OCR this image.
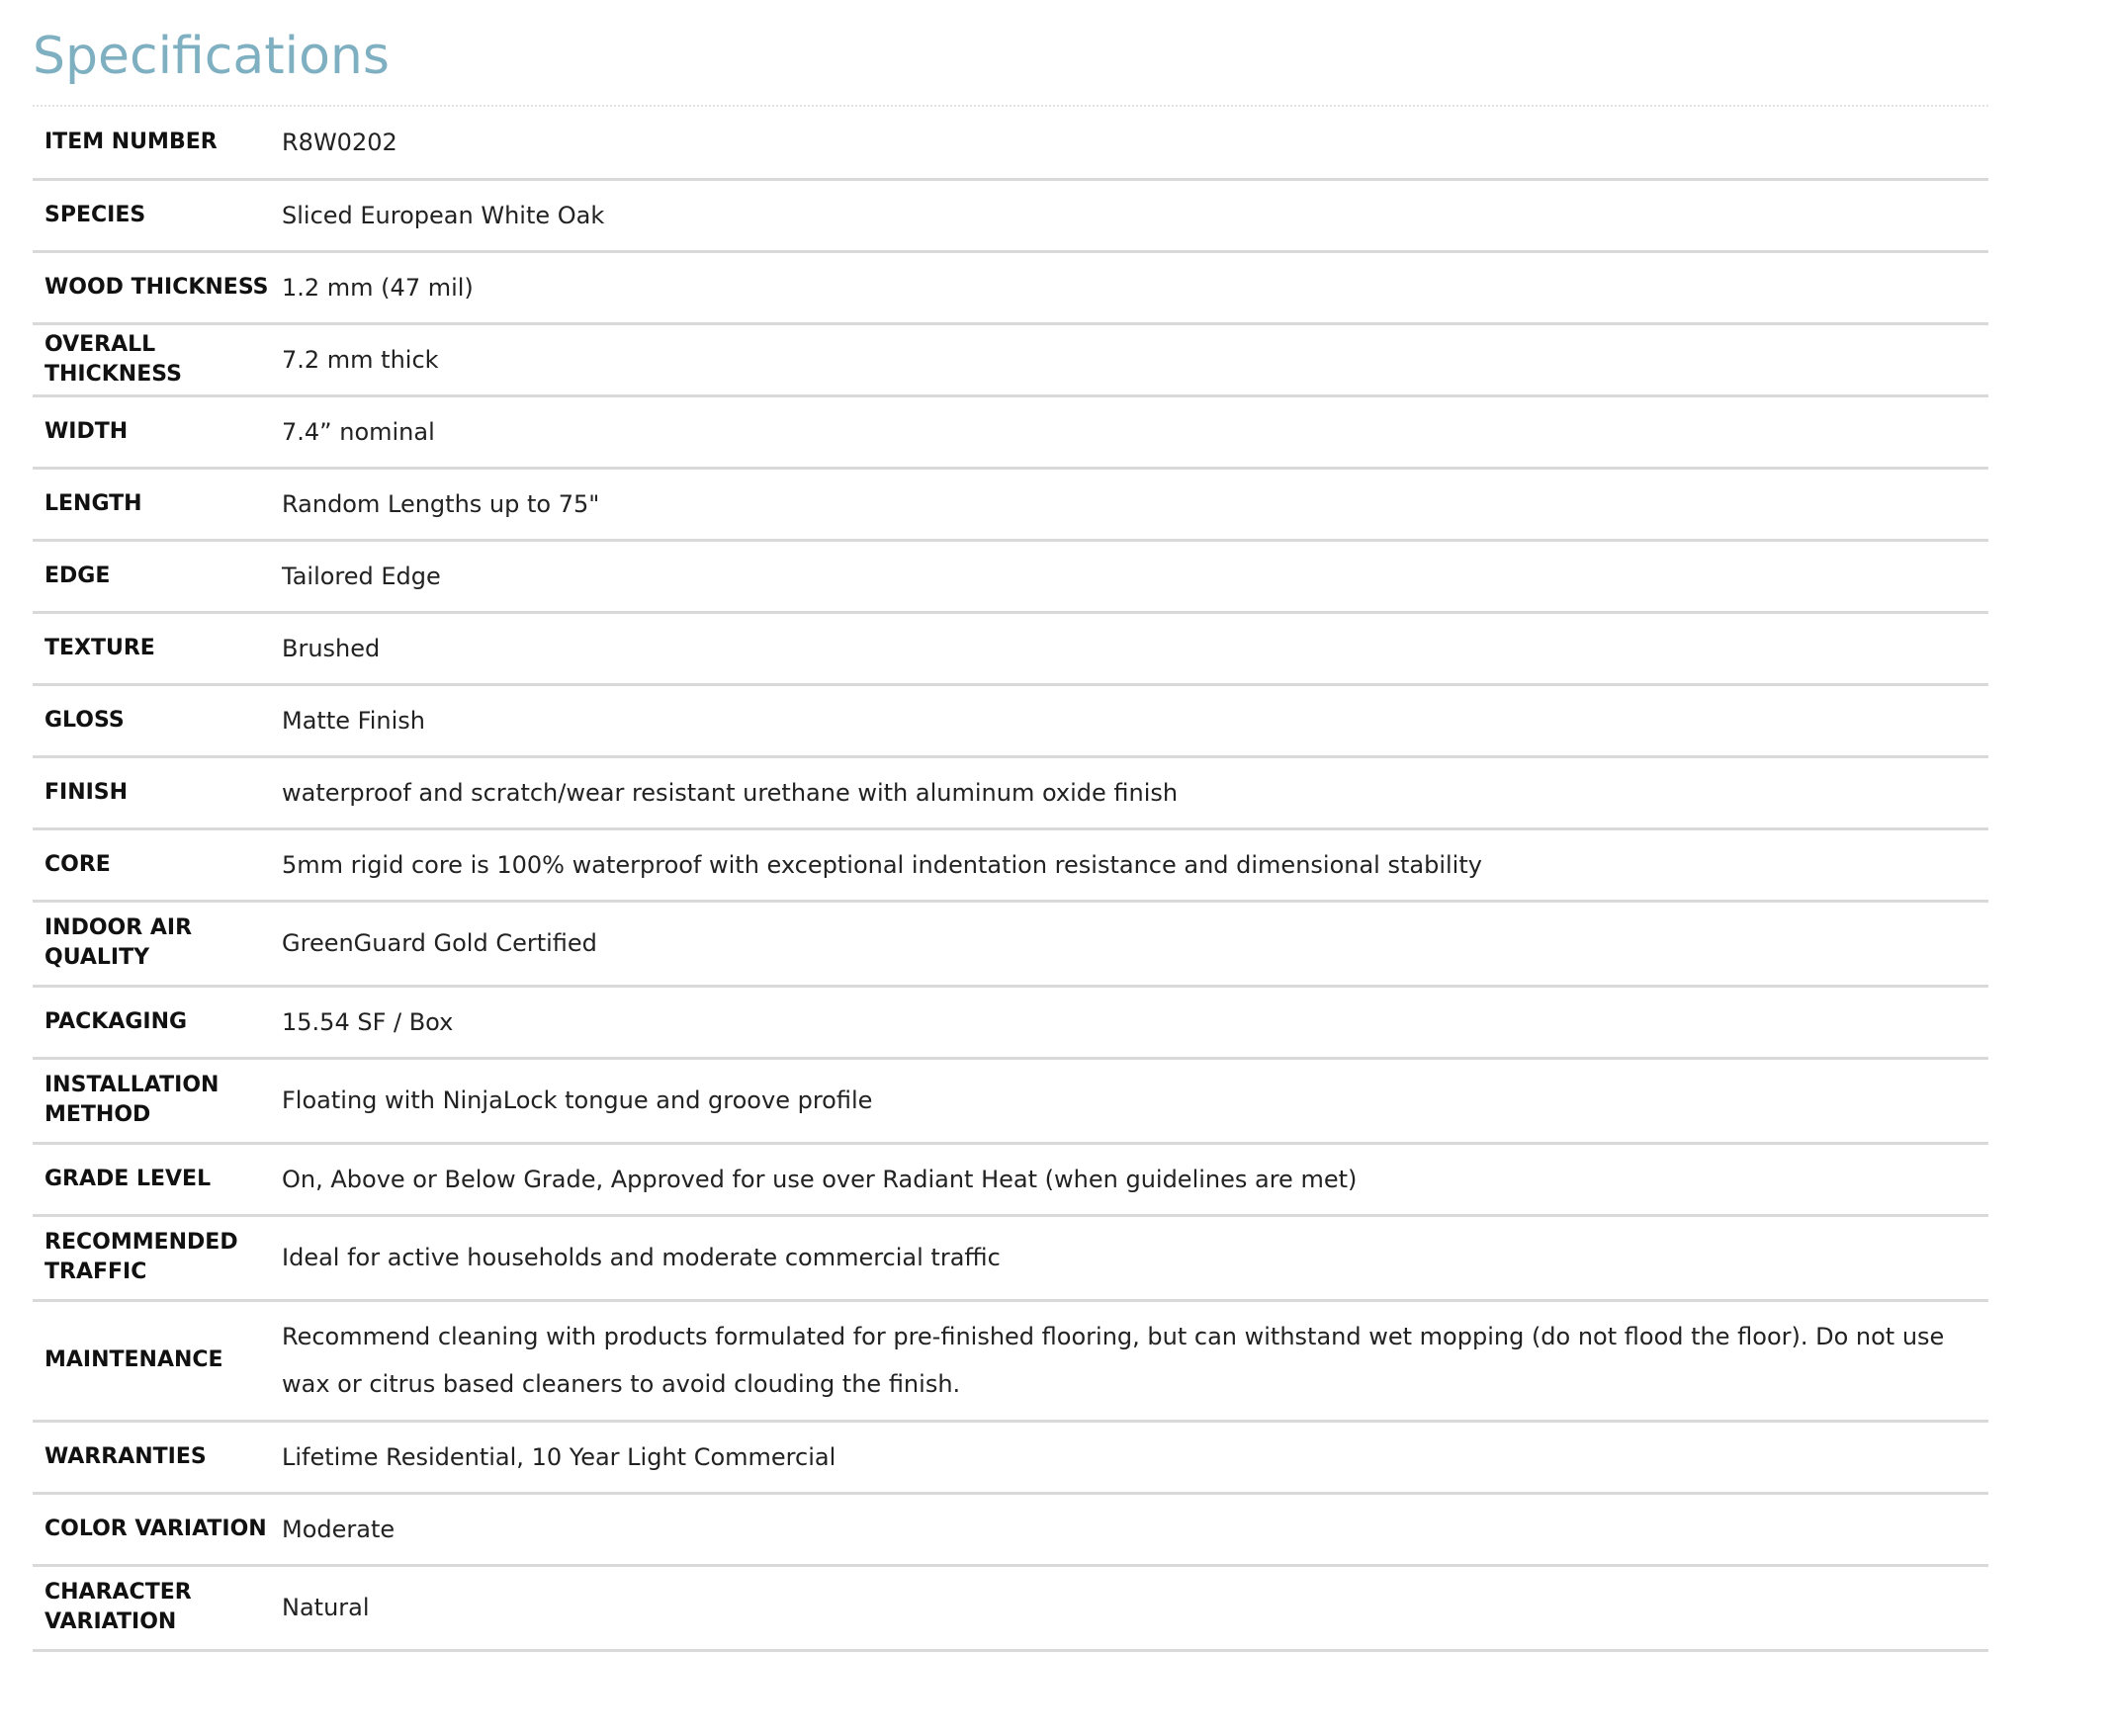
Specifications
ITEM NUMBER	R8W0202
SPECIES	Sliced European White Oak
WOOD THICKNESS	1.2 mm (47 mil)
OVERALL THICKNESS	7.2 mm thick
WIDTH	7.4” nominal
LENGTH	Random Lengths up to 75"
EDGE	Tailored Edge
TEXTURE	Brushed
GLOSS	Matte Finish
FINISH	waterproof and scratch/wear resistant urethane with aluminum oxide finish
CORE	5mm rigid core is 100% waterproof with exceptional indentation resistance and dimensional stability
INDOOR AIR QUALITY	GreenGuard Gold Certified
PACKAGING	15.54 SF / Box
INSTALLATION METHOD	Floating with NinjaLock tongue and groove profile
GRADE LEVEL	On, Above or Below Grade, Approved for use over Radiant Heat (when guidelines are met)
RECOMMENDED TRAFFIC	Ideal for active households and moderate commercial traffic
MAINTENANCE	Recommend cleaning with products formulated for pre-finished flooring, but can withstand wet mopping (do not flood the floor). Do not use wax or citrus based cleaners to avoid clouding the finish.
WARRANTIES	Lifetime Residential, 10 Year Light Commercial
COLOR VARIATION	Moderate
CHARACTER VARIATION	Natural
